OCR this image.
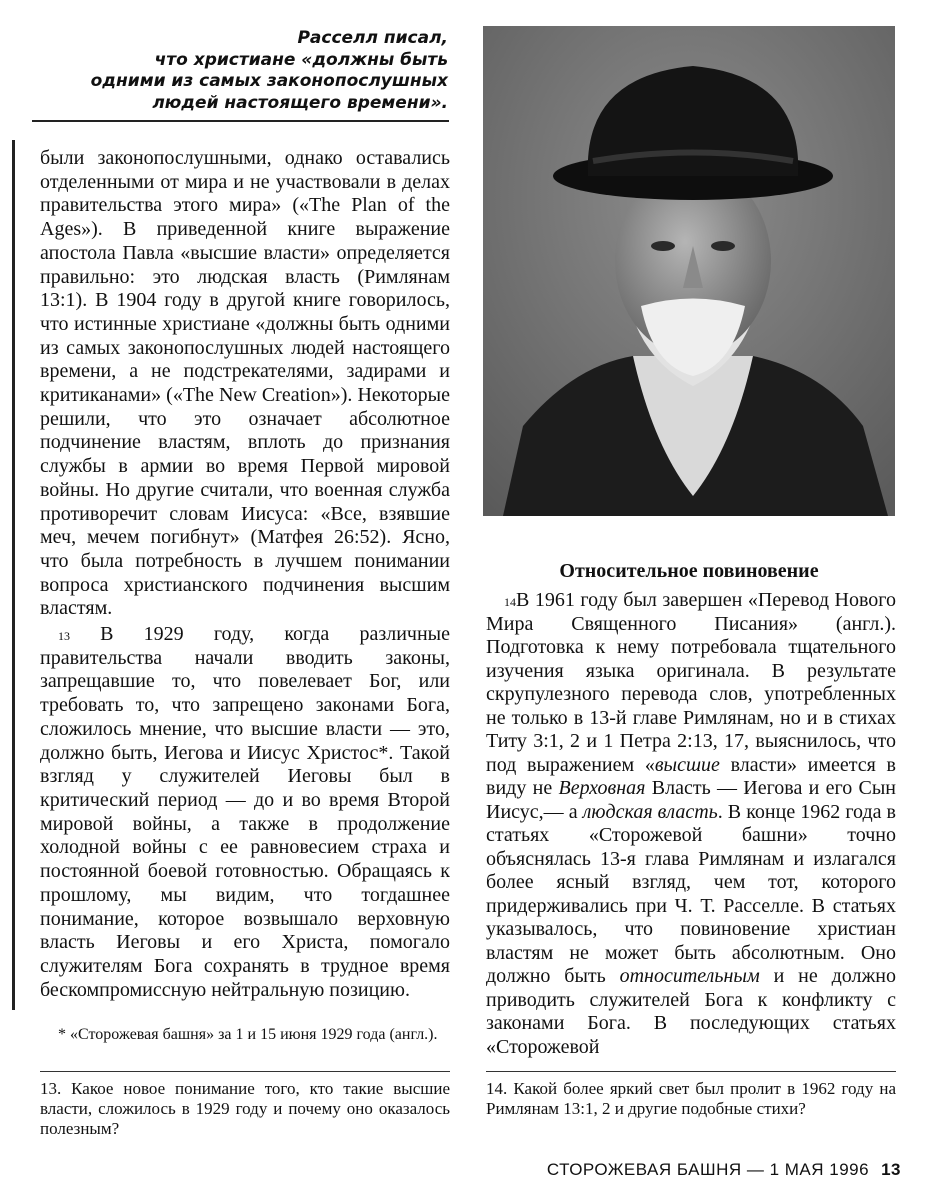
Расселл писал,
что христиане «должны быть
одними из самых законопослушных
людей настоящего времени».

были законопослушными, однако оставались отделенными от мира и не участвовали в делах правительства этого мира» («The Plan of the Ages»). В приведенной книге выражение апостола Павла «высшие власти» определяется правильно: это людская власть (Римлянам 13:1). В 1904 году в другой книге говорилось, что истинные христиане «должны быть одними из самых законопослушных людей настоящего времени, а не подстрекателями, задирами и критиканами» («The New Creation»). Некоторые решили, что это означает абсолютное подчинение властям, вплоть до признания службы в армии во время Первой мировой войны. Но другие считали, что военная служба противоречит словам Иисуса: «Все, взявшие меч, мечем погибнут» (Матфея 26:52). Ясно, что была потребность в лучшем понимании вопроса христианского подчинения высшим властям.

$^{13}$ В 1929 году, когда различные правительства начали вводить законы, запрещавшие то, что повелевает Бог, или требовать то, что запрещено законами Бога, сложилось мнение, что высшие власти — это, должно быть, Иегова и Иисус Христос*. Такой взгляд у служителей Иеговы был в критический период — до и во время Второй мировой войны, а также в продолжение холодной войны с ее равновесием страха и постоянной боевой готовностью. Обращаясь к прошлому, мы видим, что тогдашнее понимание, которое возвышало верховную власть Иеговы и его Христа, помогало служителям Бога сохранять в трудное время бескомпромиссную нейтральную позицию.

* «Сторожевая башня» за 1 и 15 июня 1929 года (англ.).
13. Какое новое понимание того, кто такие высшие власти, сложилось в 1929 году и почему оно оказалось полезным?
Относительное повиновение
$^{14}$В 1961 году был завершен «Перевод Нового Мира Священного Писания» (англ.). Подготовка к нему потребовала тщательного изучения языка оригинала. В результате скрупулезного перевода слов, употребленных не только в 13-й главе Римлянам, но и в стихах Титу 3:1, 2 и 1 Петра 2:13, 17, выяснилось, что под выражением «высшие власти» имеется в виду не Верховная Власть — Иегова и его Сын Иисус,— а людская власть. В конце 1962 года в статьях «Сторожевой башни» точно объяснялась 13-я глава Римлянам и излагался более ясный взгляд, чем тот, которого придерживались при Ч. Т. Расселле. В статьях указывалось, что повиновение христиан властям не может быть абсолютным. Оно должно быть относительным и не должно приводить служителей Бога к конфликту с законами Бога. В последующих статьях «Сторожевой
14. Какой более яркий свет был пролит в 1962 году на Римлянам 13:1, 2 и другие подобные стихи?
СТОРОЖЕВАЯ БАШНЯ — 1 МАЯ 1996 13
